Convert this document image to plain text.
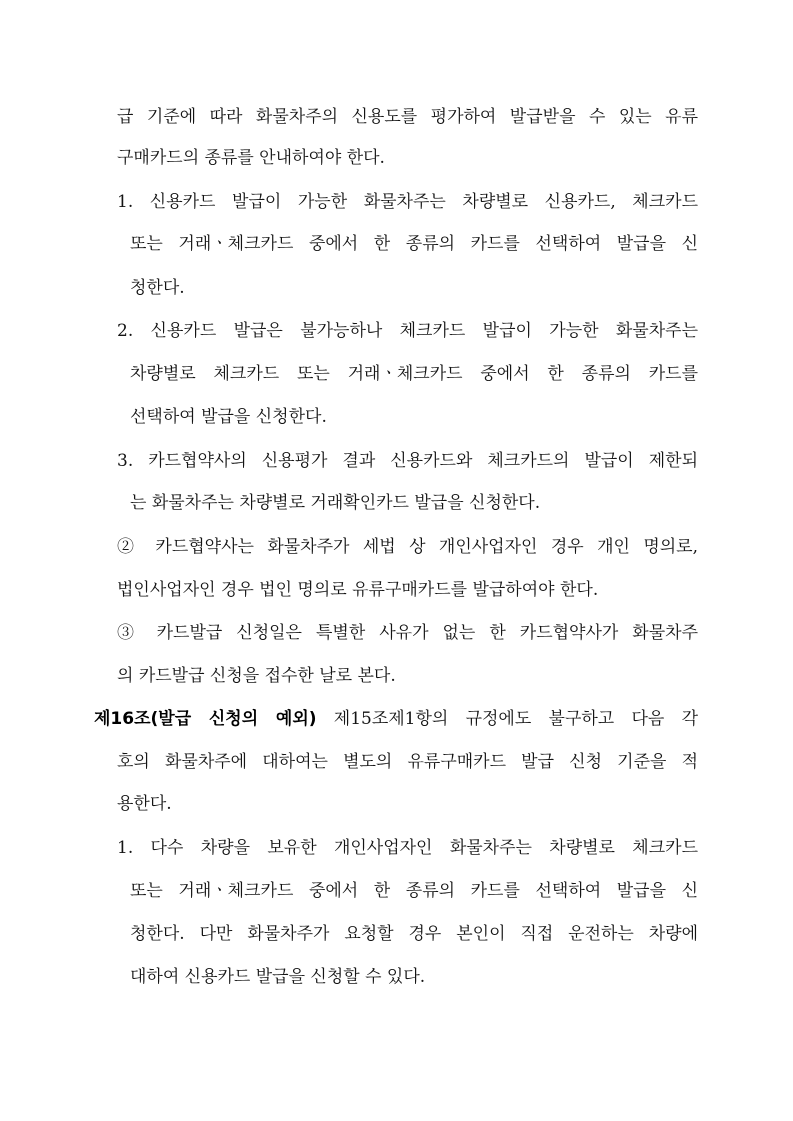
급 기준에 따라 화물차주의 신용도를 평가하여 발급받을 수 있는 유류
구매카드의 종류를 안내하여야 한다.
1. 신용카드 발급이 가능한 화물차주는 차량별로 신용카드, 체크카드
또는 거래ㆍ체크카드 중에서 한 종류의 카드를 선택하여 발급을 신
청한다.
2. 신용카드 발급은 불가능하나 체크카드 발급이 가능한 화물차주는
차량별로 체크카드 또는 거래ㆍ체크카드 중에서 한 종류의 카드를
선택하여 발급을 신청한다.
3. 카드협약사의 신용평가 결과 신용카드와 체크카드의 발급이 제한되
는 화물차주는 차량별로 거래확인카드 발급을 신청한다.
② 카드협약사는 화물차주가 세법 상 개인사업자인 경우 개인 명의로,
법인사업자인 경우 법인 명의로 유류구매카드를 발급하여야 한다.
③ 카드발급 신청일은 특별한 사유가 없는 한 카드협약사가 화물차주
의 카드발급 신청을 접수한 날로 본다.
제16조(발급 신청의 예외) 제15조제1항의 규정에도 불구하고 다음 각
호의 화물차주에 대하여는 별도의 유류구매카드 발급 신청 기준을 적
용한다.
1. 다수 차량을 보유한 개인사업자인 화물차주는 차량별로 체크카드
또는 거래ㆍ체크카드 중에서 한 종류의 카드를 선택하여 발급을 신
청한다. 다만 화물차주가 요청할 경우 본인이 직접 운전하는 차량에
대하여 신용카드 발급을 신청할 수 있다.
